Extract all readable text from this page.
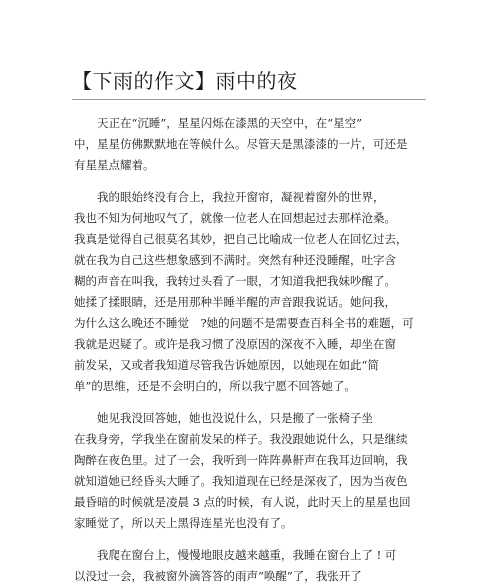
【下雨的作文】雨中的夜
　　天正在“沉睡”，星星闪烁在漆黑的天空中，在“星空”
中，星星仿佛默默地在等候什么。尽管天是黑漆漆的一片，可还是
有星星点耀着。
　　我的眼始终没有合上，我拉开窗帘，凝视着窗外的世界，
我也不知为何地叹气了，就像一位老人在回想起过去那样沧桑。
我真是觉得自己很莫名其妙，把自己比喻成一位老人在回忆过去，
就在我为自己这些想象感到不满时。突然有种还没睡醒，吐字含
糊的声音在叫我，我转过头看了一眼，才知道我把我妹吵醒了。
她揉了揉眼睛，还是用那种半睡半醒的声音跟我说话。她问我，
为什么这么晚还不睡觉　?她的问题不是需要查百科全书的难题，可
我就是迟疑了。或许是我习惯了没原因的深夜不入睡，却坐在窗
前发呆，又或者我知道尽管我告诉她原因，以她现在如此“简
单”的思维，还是不会明白的，所以我宁愿不回答她了。
　　她见我没回答她，她也没说什么，只是搬了一张椅子坐
在我身旁，学我坐在窗前发呆的样子。我没跟她说什么，只是继续
陶醉在夜色里。过了一会，我听到一阵阵鼻鼾声在我耳边回响，我
就知道她已经昏头大睡了。我知道现在已经是深夜了，因为当夜色
最昏暗的时候就是凌晨 3 点的时候，有人说，此时天上的星星也回
家睡觉了，所以天上黑得连星光也没有了。
　　我爬在窗台上，慢慢地眼皮越来越重，我睡在窗台上了 ! 可
以没过一会，我被窗外滴答答的雨声“唤醒”了，我张开了
